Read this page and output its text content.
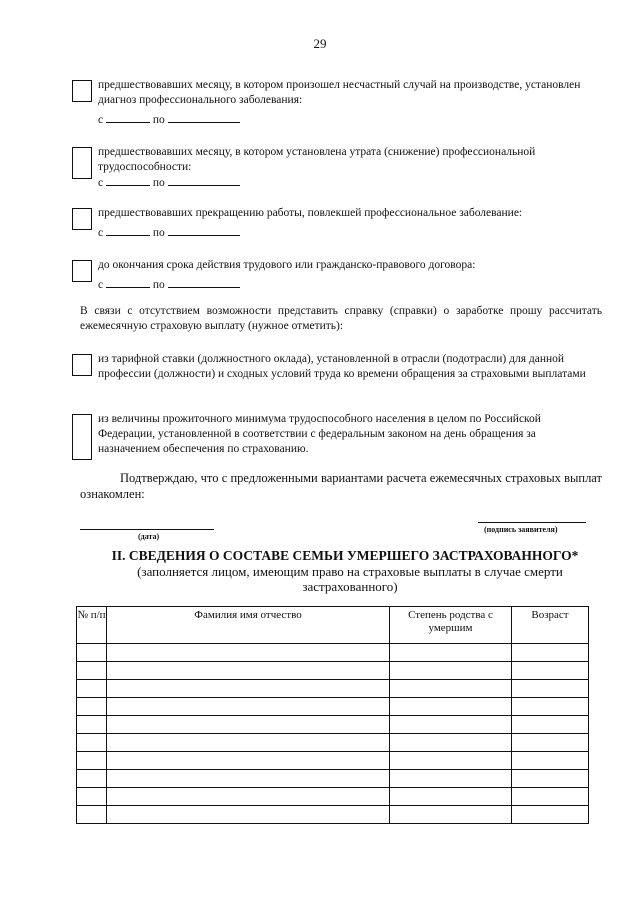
29
предшествовавших месяцу, в котором произошел несчастный случай на производстве, установлен диагноз профессионального заболевания:
с	по
предшествовавших месяцу, в котором установлена утрата (снижение) профессиональной трудоспособности:
с	по
предшествовавших прекращению работы, повлекшей профессиональное заболевание:
с	по
до окончания срока действия трудового или гражданско-правового договора:
с	по
В связи с отсутствием возможности представить справку (справки) о заработке прошу рассчитать ежемесячную страховую выплату (нужное отметить):
из тарифной ставки (должностного оклада), установленной в отрасли (подотрасли) для данной профессии (должности) и сходных условий труда ко времени обращения за страховыми выплатами
из величины прожиточного минимума трудоспособного населения в целом по Российской Федерации, установленной в соответствии с федеральным законом на день обращения за назначением обеспечения по страхованию.
Подтверждаю, что с предложенными вариантами расчета ежемесячных страховых выплат ознакомлен:
(дата)
(подпись заявителя)
II. СВЕДЕНИЯ О СОСТАВЕ СЕМЬИ УМЕРШЕГО ЗАСТРАХОВАННОГО*
(заполняется лицом, имеющим право на страховые выплаты в случае смерти застрахованного)
№ п/п	Фамилия имя отчество	Степень родства с умершим	Возраст
